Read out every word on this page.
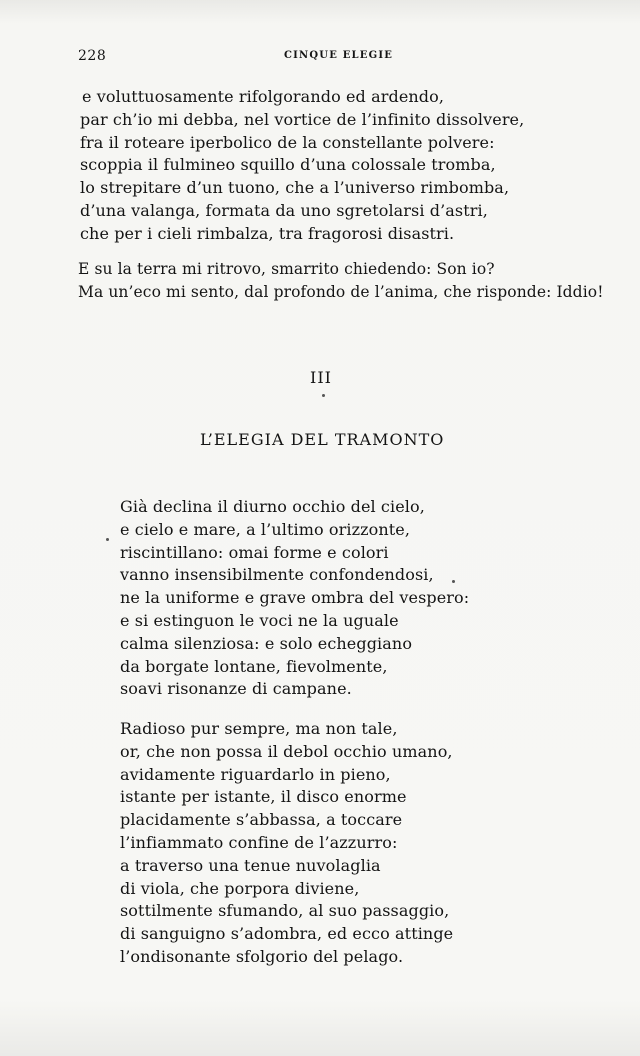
228	CINQUE ELEGIE
e voluttuosamente rifolgorando ed ardendo,
par ch’io mi debba, nel vortice de l’infinito dissolvere,
fra il roteare iperbolico de la constellante polvere:
scoppia il fulmineo squillo d’una colossale tromba,
lo strepitare d’un tuono, che a l’universo rimbomba,
d’una valanga, formata da uno sgretolarsi d’astri,
che per i cieli rimbalza, tra fragorosi disastri.
E su la terra mi ritrovo, smarrito chiedendo: Son io?
Ma un’eco mi sento, dal profondo de l’anima, che risponde: Iddio!
III
L’ELEGIA DEL TRAMONTO
Già declina il diurno occhio del cielo,
e cielo e mare, a l’ultimo orizzonte,
riscintillano: omai forme e colori
vanno insensibilmente confondendosi,
ne la uniforme e grave ombra del vespero:
e si estinguon le voci ne la uguale
calma silenziosa: e solo echeggiano
da borgate lontane, fievolmente,
soavi risonanze di campane.
Radioso pur sempre, ma non tale,
or, che non possa il debol occhio umano,
avidamente riguardarlo in pieno,
istante per istante, il disco enorme
placidamente s’abbassa, a toccare
l’infiammato confine de l’azzurro:
a traverso una tenue nuvolaglia
di viola, che porpora diviene,
sottilmente sfumando, al suo passaggio,
di sanguigno s’adombra, ed ecco attinge
l’ondisonante sfolgorio del pelago.
